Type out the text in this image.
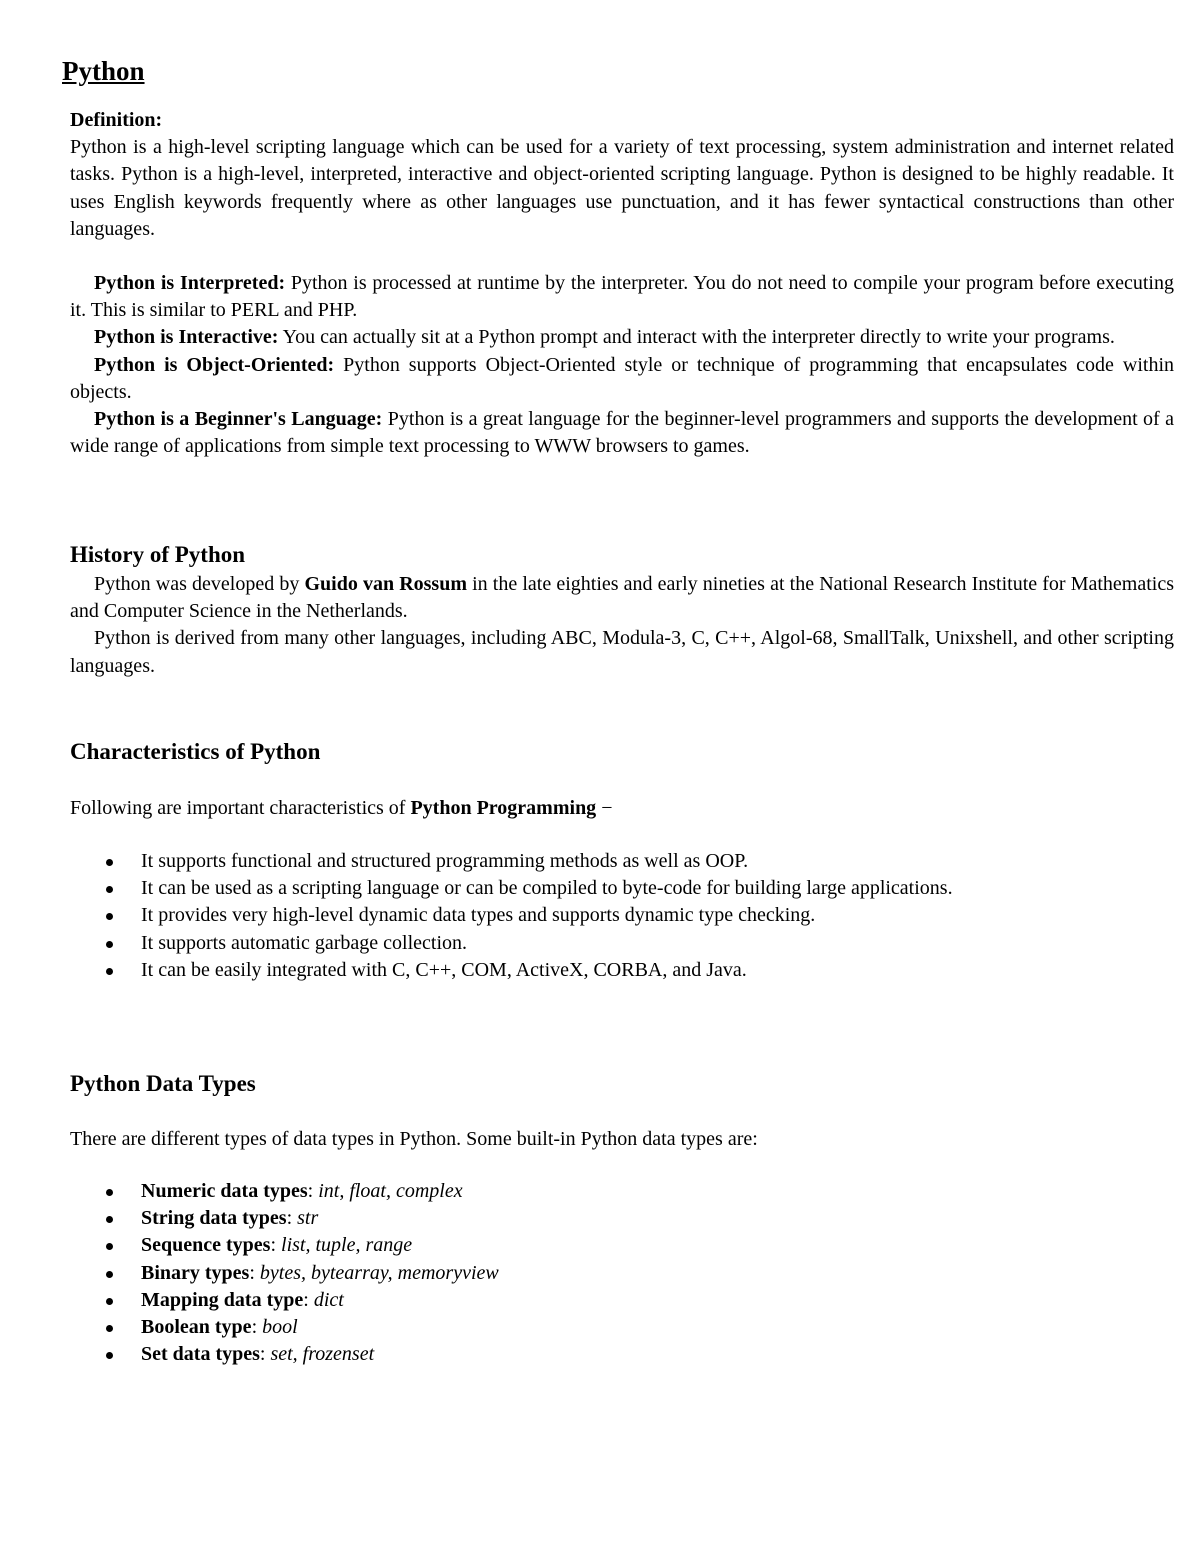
Python
Definition:
Python is a high-level scripting language which can be used for a variety of text processing, system administration and internet related tasks. Python is a high-level, interpreted, interactive and object-oriented scripting language. Python is designed to be highly readable. It uses English keywords frequently where as other languages use punctuation, and it has fewer syntactical constructions than other languages.

Python is Interpreted: Python is processed at runtime by the interpreter. You do not need to compile your program before executing it. This is similar to PERL and PHP.

Python is Interactive: You can actually sit at a Python prompt and interact with the interpreter directly to write your programs.

Python is Object-Oriented: Python supports Object-Oriented style or technique of programming that encapsulates code within objects.

Python is a Beginner's Language: Python is a great language for the beginner-level programmers and supports the development of a wide range of applications from simple text processing to WWW browsers to games.

History of Python

Python was developed by Guido van Rossum in the late eighties and early nineties at the National Research Institute for Mathematics and Computer Science in the Netherlands.

Python is derived from many other languages, including ABC, Modula-3, C, C++, Algol-68, SmallTalk, Unixshell, and other scripting languages.

Characteristics of Python
Following are important characteristics of Python Programming −
It supports functional and structured programming methods as well as OOP.
It can be used as a scripting language or can be compiled to byte-code for building large applications.
It provides very high-level dynamic data types and supports dynamic type checking.
It supports automatic garbage collection.
It can be easily integrated with C, C++, COM, ActiveX, CORBA, and Java.
Python Data Types
There are different types of data types in Python. Some built-in Python data types are:
Numeric data types: int, float, complex
String data types: str
Sequence types: list, tuple, range
Binary types: bytes, bytearray, memoryview
Mapping data type: dict
Boolean type: bool
Set data types: set, frozenset
